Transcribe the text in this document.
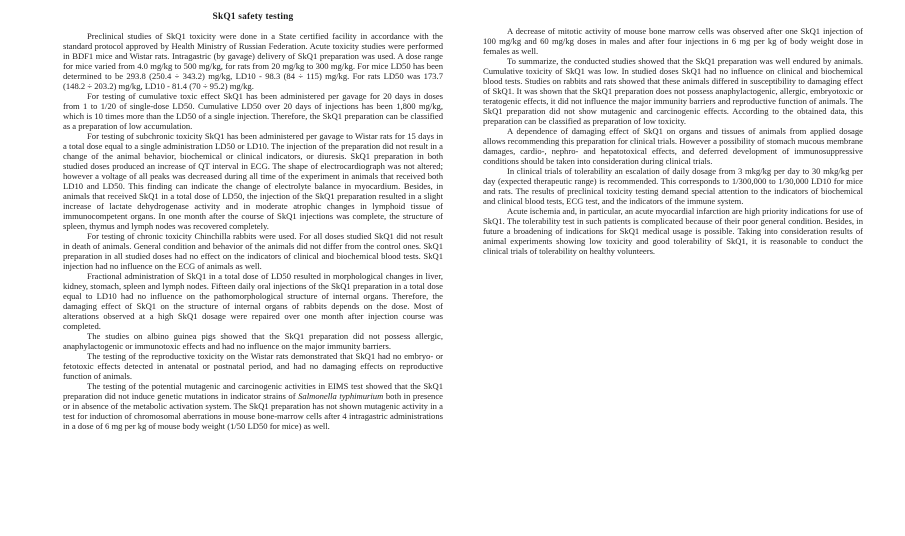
SkQ1 safety testing

Preclinical studies of SkQ1 toxicity were done in a State certified facility in accordance with the standard protocol approved by Health Ministry of Russian Federation. Acute toxicity studies were performed in BDF1 mice and Wistar rats. Intragastric (by gavage) delivery of SkQ1 preparation was used. A dose range for mice varied from 4.0 mg/kg to 500 mg/kg, for rats from 20 mg/kg to 300 mg/kg. For mice LD50 has been determined to be 293.8 (250.4 ÷ 343.2) mg/kg, LD10 - 98.3 (84 ÷ 115) mg/kg. For rats LD50 was 173.7 (148.2 ÷ 203.2) mg/kg, LD10 - 81.4 (70 ÷ 95.2) mg/kg.

For testing of cumulative toxic effect SkQ1 has been administered per gavage for 20 days in doses from 1 to 1/20 of single-dose LD50. Cumulative LD50 over 20 days of injections has been 1,800 mg/kg, which is 10 times more than the LD50 of a single injection. Therefore, the SkQ1 preparation can be classified as a preparation of low accumulation.

For testing of subchronic toxicity SkQ1 has been administered per gavage to Wistar rats for 15 days in a total dose equal to a single administration LD50 or LD10. The injection of the preparation did not result in a change of the animal behavior, biochemical or clinical indicators, or diuresis. SkQ1 preparation in both studied doses produced an increase of QT interval in ECG. The shape of electrocardiograph was not altered; however a voltage of all peaks was decreased during all time of the experiment in animals that received both LD10 and LD50. This finding can indicate the change of electrolyte balance in myocardium. Besides, in animals that received SkQ1 in a total dose of LD50, the injection of the SkQ1 preparation resulted in a slight increase of lactate dehydrogenase activity and in moderate atrophic changes in lymphoid tissue of immunocompetent organs. In one month after the course of SkQ1 injections was complete, the structure of spleen, thymus and lymph nodes was recovered completely.

For testing of chronic toxicity Chinchilla rabbits were used. For all doses studied SkQ1 did not result in death of animals. General condition and behavior of the animals did not differ from the control ones. SkQ1 preparation in all studied doses had no effect on the indicators of clinical and biochemical blood tests. SkQ1 injection had no influence on the ECG of animals as well.

Fractional administration of SkQ1 in a total dose of LD50 resulted in morphological changes in liver, kidney, stomach, spleen and lymph nodes. Fifteen daily oral injections of the SkQ1 preparation in a total dose equal to LD10 had no influence on the pathomorphological structure of internal organs. Therefore, the damaging effect of SkQ1 on the structure of internal organs of rabbits depends on the dose. Most of alterations observed at a high SkQ1 dosage were repaired over one month after injection course was completed.

The studies on albino guinea pigs showed that the SkQ1 preparation did not possess allergic, anaphylactogenic or immunotoxic effects and had no influence on the major immunity barriers.

The testing of the reproductive toxicity on the Wistar rats demonstrated that SkQ1 had no embryo- or fetotoxic effects detected in antenatal or postnatal period, and had no damaging effects on reproductive function of animals.

The testing of the potential mutagenic and carcinogenic activities in EIMS test showed that the SkQ1 preparation did not induce genetic mutations in indicator strains of Salmonella typhimurium both in presence or in absence of the metabolic activation system. The SkQ1 preparation has not shown mutagenic activity in a test for induction of chromosomal aberrations in mouse bone-marrow cells after 4 intragastric administrations in a dose of 6 mg per kg of mouse body weight (1/50 LD50 for mice) as well.

A decrease of mitotic activity of mouse bone marrow cells was observed after one SkQ1 injection of 100 mg/kg and 60 mg/kg doses in males and after four injections in 6 mg per kg of body weight dose in females as well.

To summarize, the conducted studies showed that the SkQ1 preparation was well endured by animals. Cumulative toxicity of SkQ1 was low. In studied doses SkQ1 had no influence on clinical and biochemical blood tests. Studies on rabbits and rats showed that these animals differed in susceptibility to damaging effect of SkQ1. It was shown that the SkQ1 preparation does not possess anaphylactogenic, allergic, embryotoxic or teratogenic effects, it did not influence the major immunity barriers and reproductive function of animals. The SkQ1 preparation did not show mutagenic and carcinogenic effects. According to the obtained data, this preparation can be classified as preparation of low toxicity.

A dependence of damaging effect of SkQ1 on organs and tissues of animals from applied dosage allows recommending this preparation for clinical trials. However a possibility of stomach mucous membrane damages, cardio-, nephro- and hepatotoxical effects, and deferred development of immunosuppressive conditions should be taken into consideration during clinical trials.

In clinical trials of tolerability an escalation of daily dosage from 3 mkg/kg per day to 30 mkg/kg per day (expected therapeutic range) is recommended. This corresponds to 1/300,000 to 1/30,000 LD10 for mice and rats. The results of preclinical toxicity testing demand special attention to the indicators of biochemical and clinical blood tests, ECG test, and the indicators of the immune system.

Acute ischemia and, in particular, an acute myocardial infarction are high priority indications for use of SkQ1. The tolerability test in such patients is complicated because of their poor general condition. Besides, in future a broadening of indications for SkQ1 medical usage is possible. Taking into consideration results of animal experiments showing low toxicity and good tolerability of SkQ1, it is reasonable to conduct the clinical trials of tolerability on healthy volunteers.
